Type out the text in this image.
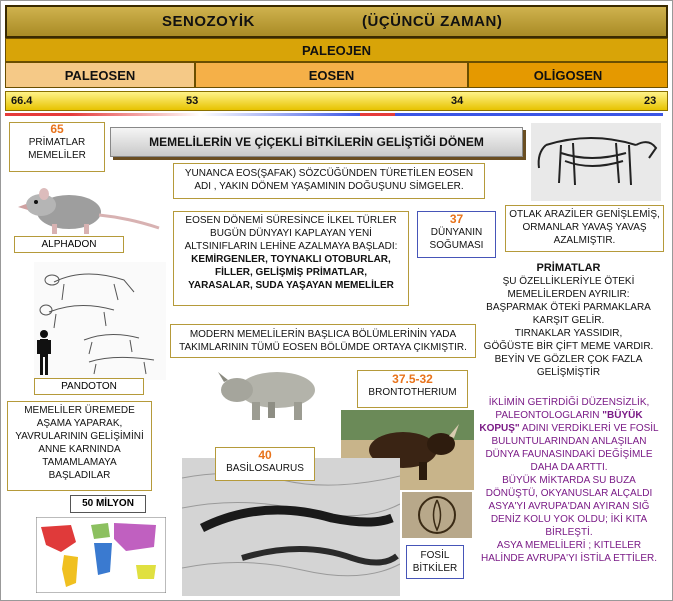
SENOZOYİK	(ÜÇÜNCÜ ZAMAN)
PALEOJEN
PALEOSEN	EOSEN	OLİGOSEN
66.4	53	34	23
MEMELİLERİN VE ÇİÇEKLİ BİTKİLERİN GELİŞTİĞİ DÖNEM
65
PRİMATLAR
MEMELİLER
ALPHADON
PANDOTON
MEMELİLER ÜREMEDE
AŞAMA YAPARAK,
YAVRULARININ GELİŞİMİNİ
ANNE KARNINDA
TAMAMLAMAYA
BAŞLADILAR
50 MİLYON
YUNANCA EOS(ŞAFAK) SÖZCÜĞÜNDEN TÜRETİLEN EOSEN
ADI , YAKIN DÖNEM YAŞAMININ DOĞUŞUNU SİMGELER.
EOSEN DÖNEMİ SÜRESİNCE İLKEL TÜRLER
BUGÜN DÜNYAYI KAPLAYAN YENİ
ALTSINIFLARIN LEHİNE AZALMAYA BAŞLADI:
KEMİRGENLER, TOYNAKLI OTOBURLAR,
FİLLER, GELİŞMİŞ PRİMATLAR,
YARASALAR, SUDA YAŞAYAN MEMELİLER
37
DÜNYANIN
SOĞUMASI
OTLAK ARAZİLER GENİŞLEMİŞ,
ORMANLAR YAVAŞ YAVAŞ
AZALMIŞTIR.
PRİMATLAR
ŞU ÖZELLİKLERİYLE ÖTEKİ
MEMELİLERDEN AYRILIR:
BAŞPARMAK ÖTEKİ PARMAKLARA
KARŞIT GELİR.
TIRNAKLAR YASSIDIR,
GÖĞÜSTE BİR ÇİFT MEME VARDIR.
BEYİN VE GÖZLER ÇOK FAZLA
GELİŞMİŞTİR
MODERN MEMELİLERİN BAŞLICA BÖLÜMLERİNİN YADA
TAKIMLARININ TÜMÜ EOSEN BÖLÜMDE ORTAYA ÇIKMIŞTIR.
37.5-32
BRONTOTHERIUM
40
BASİLOSAURUS
FOSİL
BİTKİLER
İKLİMİN GETİRDİĞİ DÜZENSİZLİK,
PALEONTOLOGLARIN "BÜYÜK
KOPUŞ" ADINI VERDİKLERİ VE FOSİL
BULUNTULARINDAN ANLAŞILAN
DÜNYA FAUNASINDAKİ DEĞİŞİMLE
DAHA DA ARTTI.
BÜYÜK MİKTARDA SU BUZA
DÖNÜŞTÜ, OKYANUSLAR ALÇALDI
ASYA'YI AVRUPA'DAN AYIRAN SIĞ
DENİZ KOLU YOK OLDU; İKİ KITA
BİRLEŞTİ.
ASYA MEMELİLERİ ; KITLELER
HALİNDE AVRUPA'YI İSTİLA ETTİLER.
